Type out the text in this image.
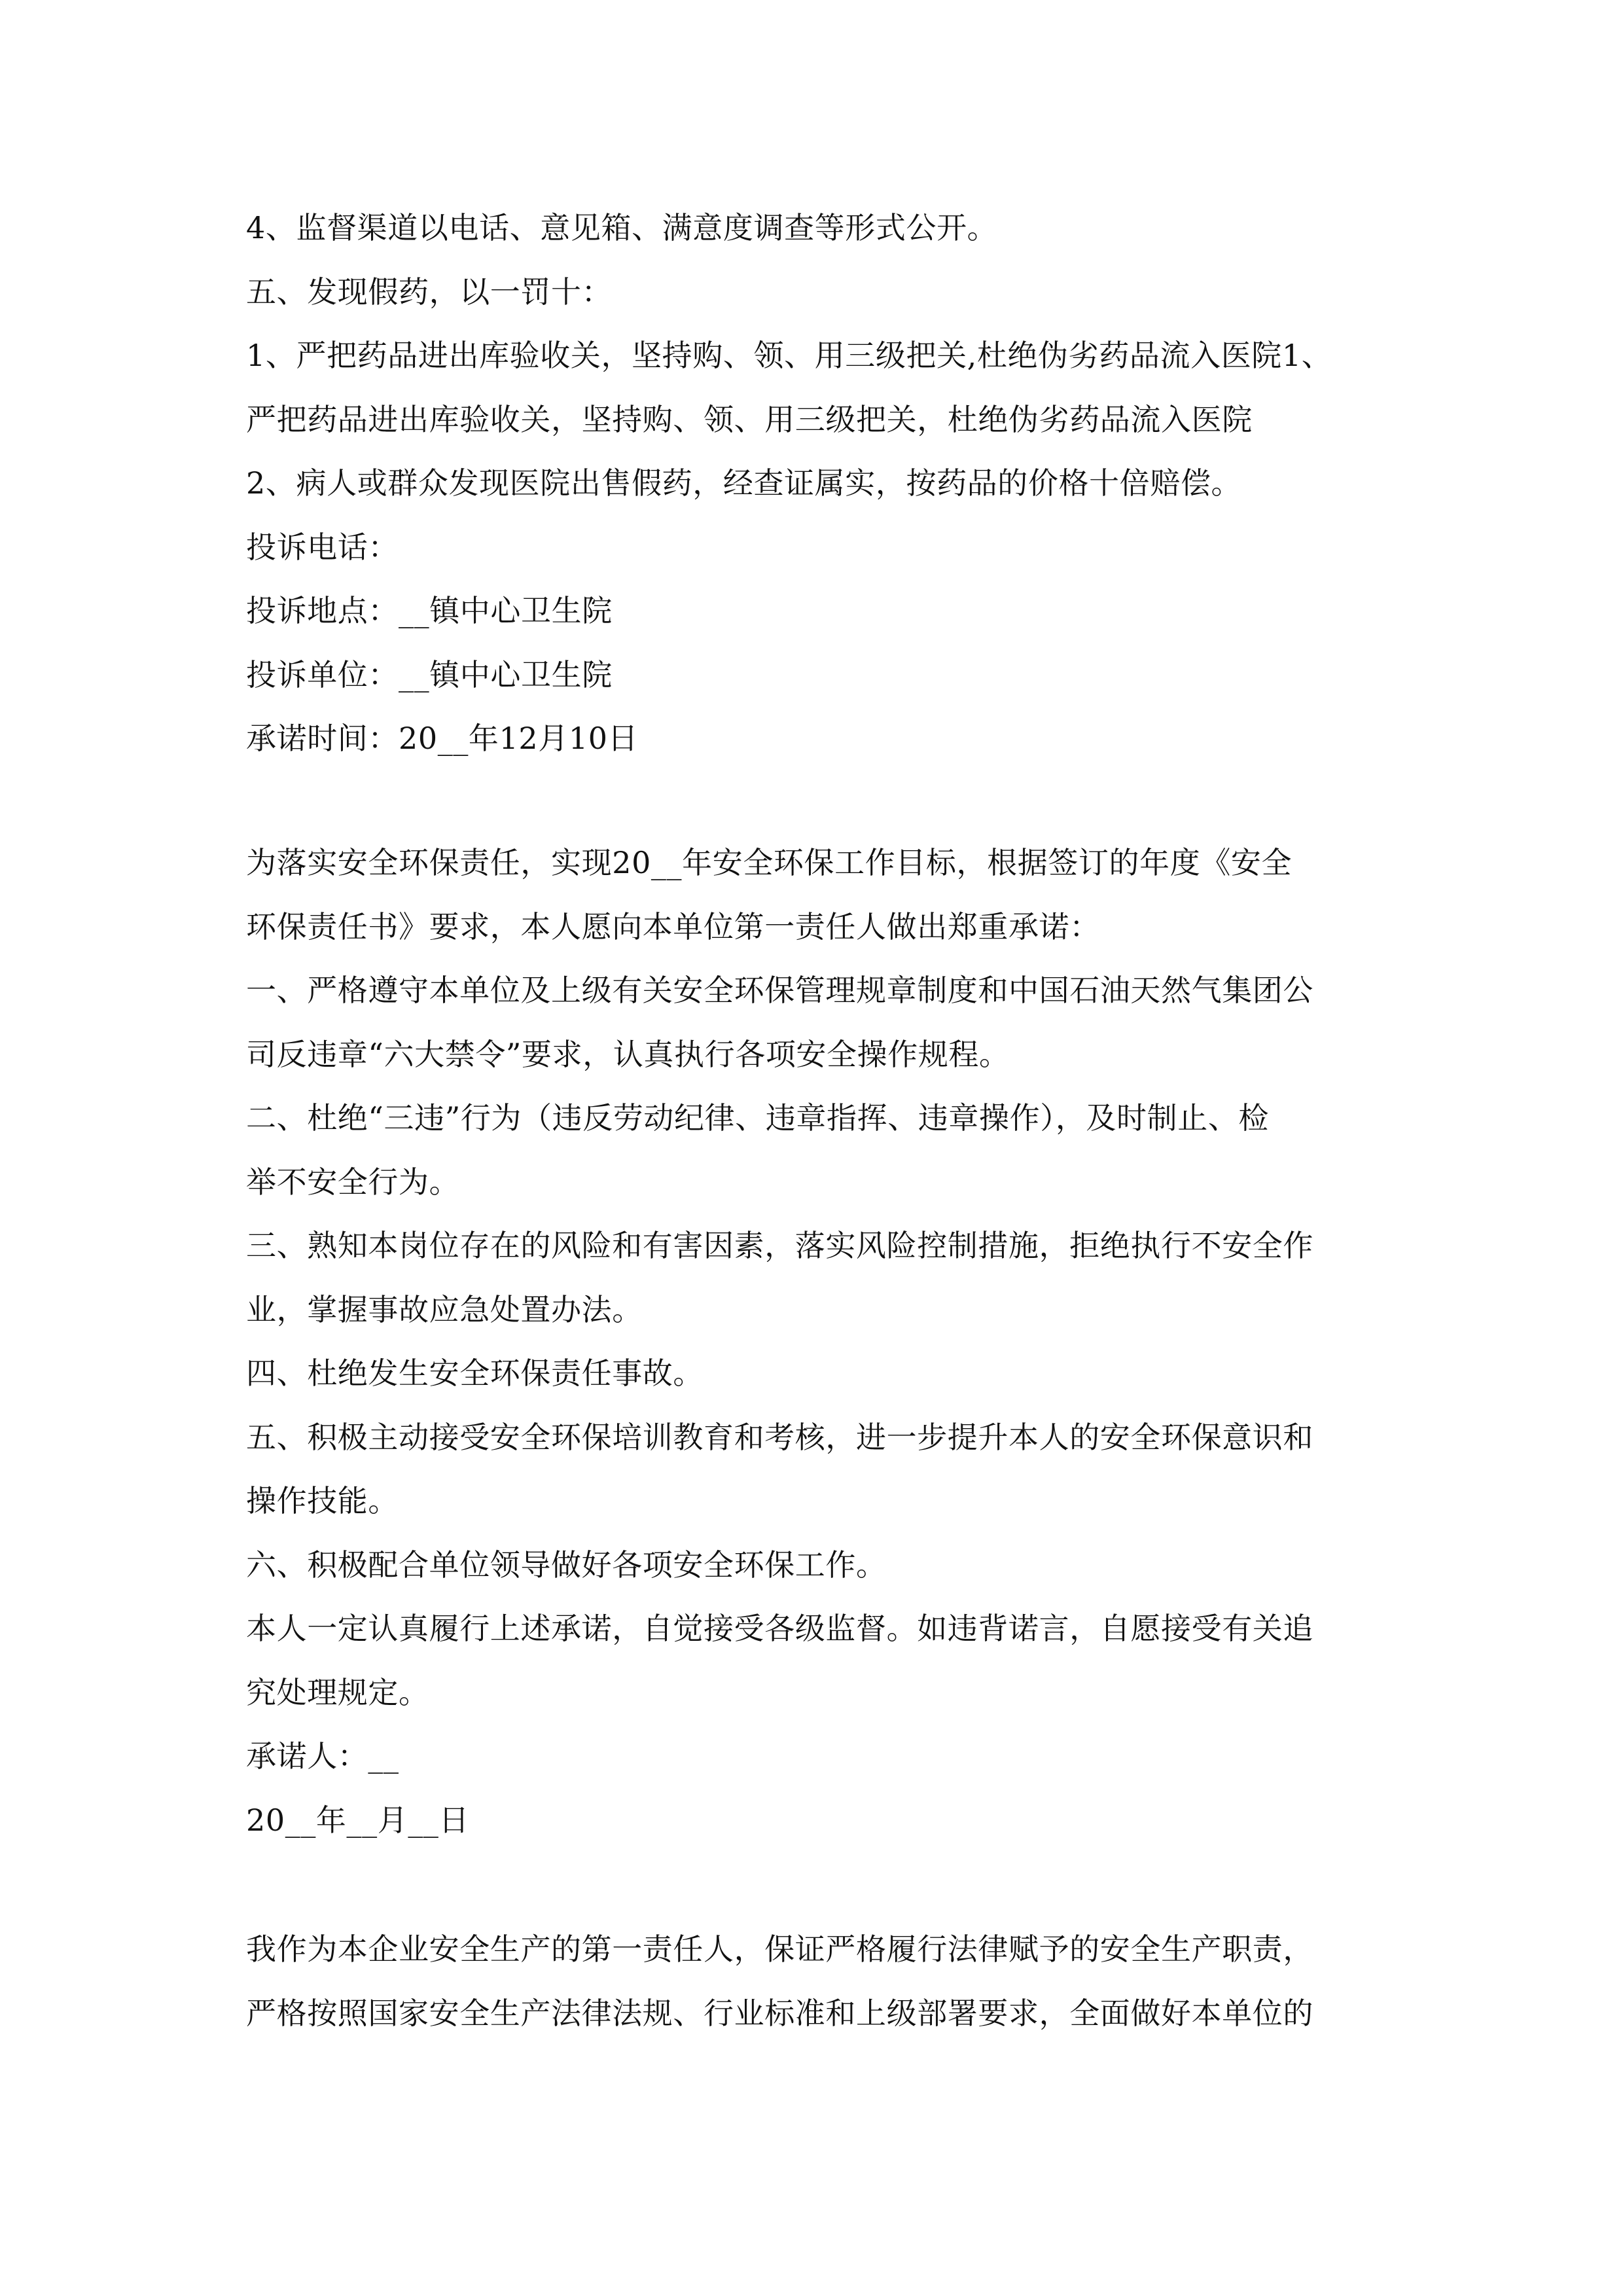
4、监督渠道以电话、意见箱、满意度调查等形式公开。
五、发现假药，以一罚十：
1、严把药品进出库验收关，坚持购、领、用三级把关,杜绝伪劣药品流入医院1、
严把药品进出库验收关，坚持购、领、用三级把关，杜绝伪劣药品流入医院
2、病人或群众发现医院出售假药，经查证属实，按药品的价格十倍赔偿。
投诉电话：
投诉地点：__镇中心卫生院
投诉单位：__镇中心卫生院
承诺时间：20__年12月10日
为落实安全环保责任，实现20__年安全环保工作目标，根据签订的年度《安全
环保责任书》要求，本人愿向本单位第一责任人做出郑重承诺：
一、严格遵守本单位及上级有关安全环保管理规章制度和中国石油天然气集团公
司反违章“六大禁令”要求，认真执行各项安全操作规程。
二、杜绝“三违”行为（违反劳动纪律、违章指挥、违章操作），及时制止、检
举不安全行为。
三、熟知本岗位存在的风险和有害因素，落实风险控制措施，拒绝执行不安全作
业，掌握事故应急处置办法。
四、杜绝发生安全环保责任事故。
五、积极主动接受安全环保培训教育和考核，进一步提升本人的安全环保意识和
操作技能。
六、积极配合单位领导做好各项安全环保工作。
本人一定认真履行上述承诺，自觉接受各级监督。如违背诺言，自愿接受有关追
究处理规定。
承诺人：__
20__年__月__日
我作为本企业安全生产的第一责任人，保证严格履行法律赋予的安全生产职责，
严格按照国家安全生产法律法规、行业标准和上级部署要求，全面做好本单位的
